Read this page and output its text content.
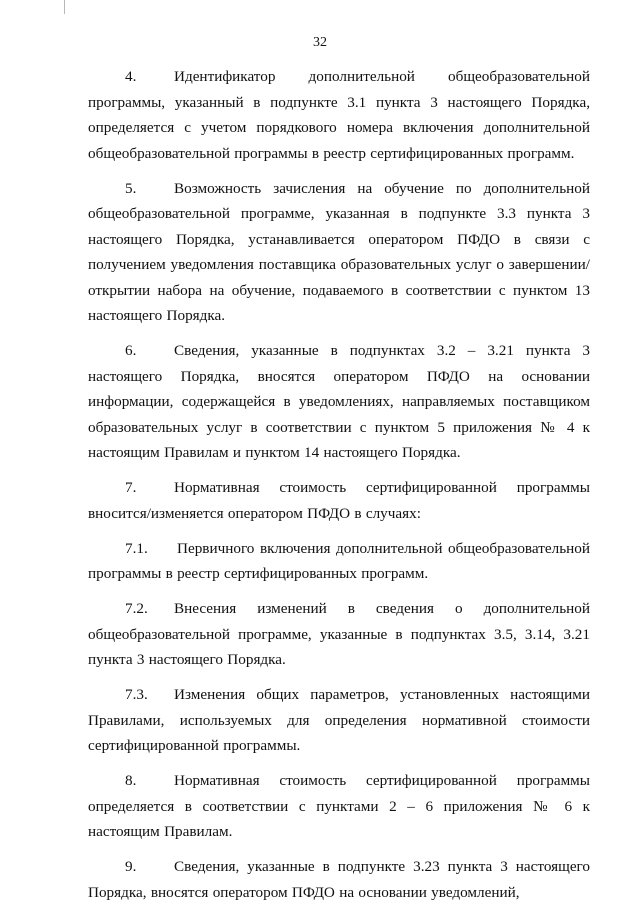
32

4. Идентификатор дополнительной общеобразовательной программы, указанный в подпункте 3.1 пункта 3 настоящего Порядка, определяется с учетом порядкового номера включения дополнительной общеобразовательной программы в реестр сертифицированных программ.

5. Возможность зачисления на обучение по дополнительной общеобразовательной программе, указанная в подпункте 3.3 пункта 3 настоящего Порядка, устанавливается оператором ПФДО в связи с получением уведомления поставщика образовательных услуг о завершении/открытии набора на обучение, подаваемого в соответствии с пунктом 13 настоящего Порядка.

6. Сведения, указанные в подпунктах 3.2 – 3.21 пункта 3 настоящего Порядка, вносятся оператором ПФДО на основании информации, содержащейся в уведомлениях, направляемых поставщиком образовательных услуг в соответствии с пунктом 5 приложения № 4 к настоящим Правилам и пунктом 14 настоящего Порядка.

7. Нормативная стоимость сертифицированной программы вносится/изменяется оператором ПФДО в случаях:

7.1. Первичного включения дополнительной общеобразовательной программы в реестр сертифицированных программ.

7.2. Внесения изменений в сведения о дополнительной общеобразовательной программе, указанные в подпунктах 3.5, 3.14, 3.21 пункта 3 настоящего Порядка.

7.3. Изменения общих параметров, установленных настоящими Правилами, используемых для определения нормативной стоимости сертифицированной программы.

8. Нормативная стоимость сертифицированной программы определяется в соответствии с пунктами 2 – 6 приложения № 6 к настоящим Правилам.

9. Сведения, указанные в подпункте 3.23 пункта 3 настоящего Порядка, вносятся оператором ПФДО на основании уведомлений,
